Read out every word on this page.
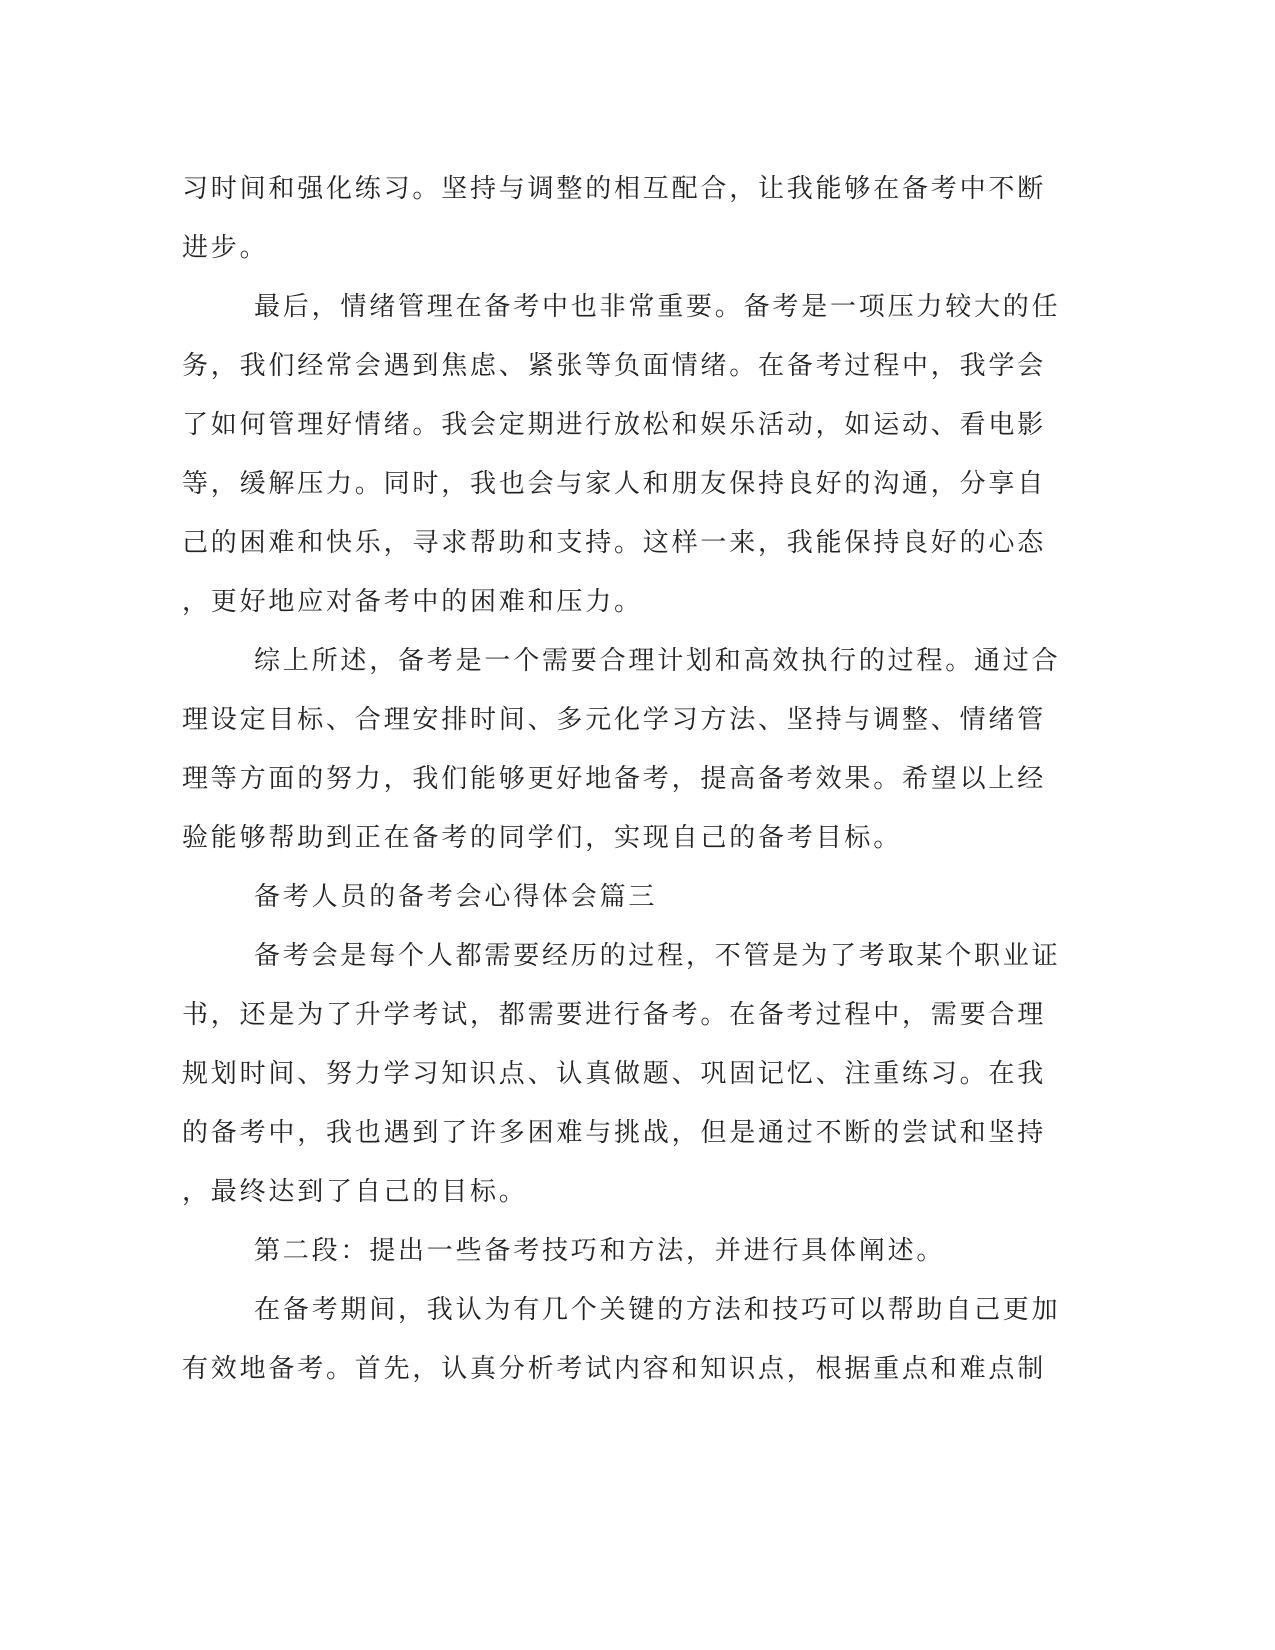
习时间和强化练习。坚持与调整的相互配合，让我能够在备考中不断
进步。
最后，情绪管理在备考中也非常重要。备考是一项压力较大的任
务，我们经常会遇到焦虑、紧张等负面情绪。在备考过程中，我学会
了如何管理好情绪。我会定期进行放松和娱乐活动，如运动、看电影
等，缓解压力。同时，我也会与家人和朋友保持良好的沟通，分享自
己的困难和快乐，寻求帮助和支持。这样一来，我能保持良好的心态
，更好地应对备考中的困难和压力。
综上所述，备考是一个需要合理计划和高效执行的过程。通过合
理设定目标、合理安排时间、多元化学习方法、坚持与调整、情绪管
理等方面的努力，我们能够更好地备考，提高备考效果。希望以上经
验能够帮助到正在备考的同学们，实现自己的备考目标。
备考人员的备考会心得体会篇三
备考会是每个人都需要经历的过程，不管是为了考取某个职业证
书，还是为了升学考试，都需要进行备考。在备考过程中，需要合理
规划时间、努力学习知识点、认真做题、巩固记忆、注重练习。在我
的备考中，我也遇到了许多困难与挑战，但是通过不断的尝试和坚持
，最终达到了自己的目标。
第二段：提出一些备考技巧和方法，并进行具体阐述。
在备考期间，我认为有几个关键的方法和技巧可以帮助自己更加
有效地备考。首先，认真分析考试内容和知识点，根据重点和难点制
